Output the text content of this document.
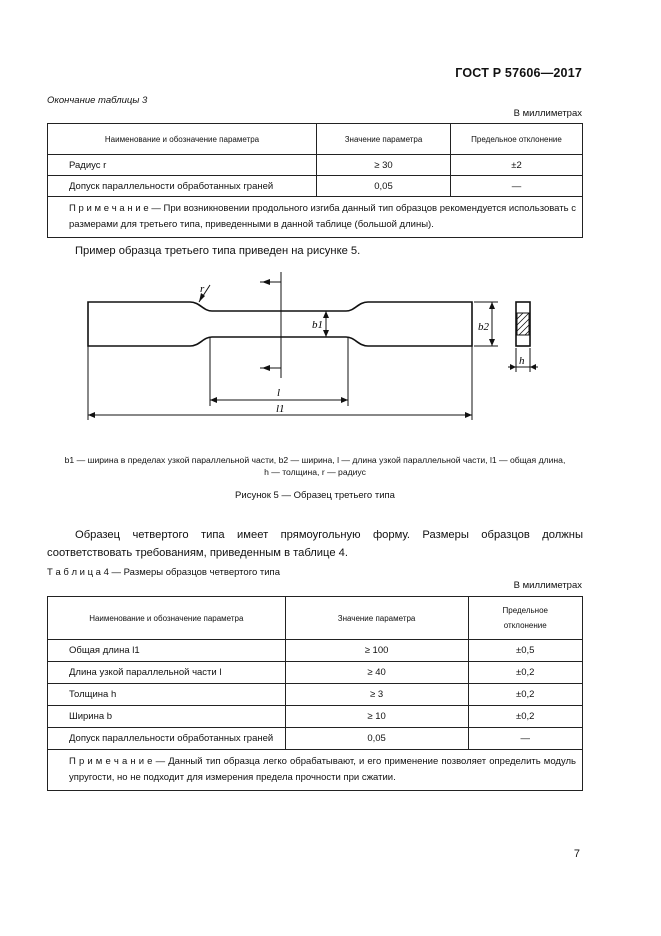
ГОСТ Р 57606—2017
Окончание таблицы 3
В миллиметрах
Наименование и обозначение параметра	Значение параметра	Предельное отклонение
Радиус r	≥ 30	±2
Допуск параллельности обработанных граней	0,05	—
П р и м е ч а н и е — При возникновении продольного изгиба данный тип образцов рекомендуется использовать с размерами для третьего типа, приведенными в данной таблице (большой длины).		
Пример образца третьего типа приведен на рисунке 5.
r
b1	b2
h
l
l1
b1 — ширина в пределах узкой параллельной части, b2 — ширина, l — длина узкой параллельной части, l1 — общая длина,
h — толщина, r — радиус
Рисунок 5 — Образец третьего типа
Образец четвертого типа имеет прямоугольную форму. Размеры образцов должны соответствовать требованиям, приведенным в таблице 4.
Т а б л и ц а 4 — Размеры образцов четвертого типа
В миллиметрах
Наименование и обозначение параметра	Значение параметра	Предельное отклонение
Общая длина l1	≥ 100	±0,5
Длина узкой параллельной части l	≥ 40	±0,2
Толщина h	≥ 3	±0,2
Ширина b	≥ 10	±0,2
Допуск параллельности обработанных граней	0,05	—
П р и м е ч а н и е — Данный тип образца легко обрабатывают, и его применение позволяет определить модуль упругости, но не подходит для измерения предела прочности при сжатии.		
7
